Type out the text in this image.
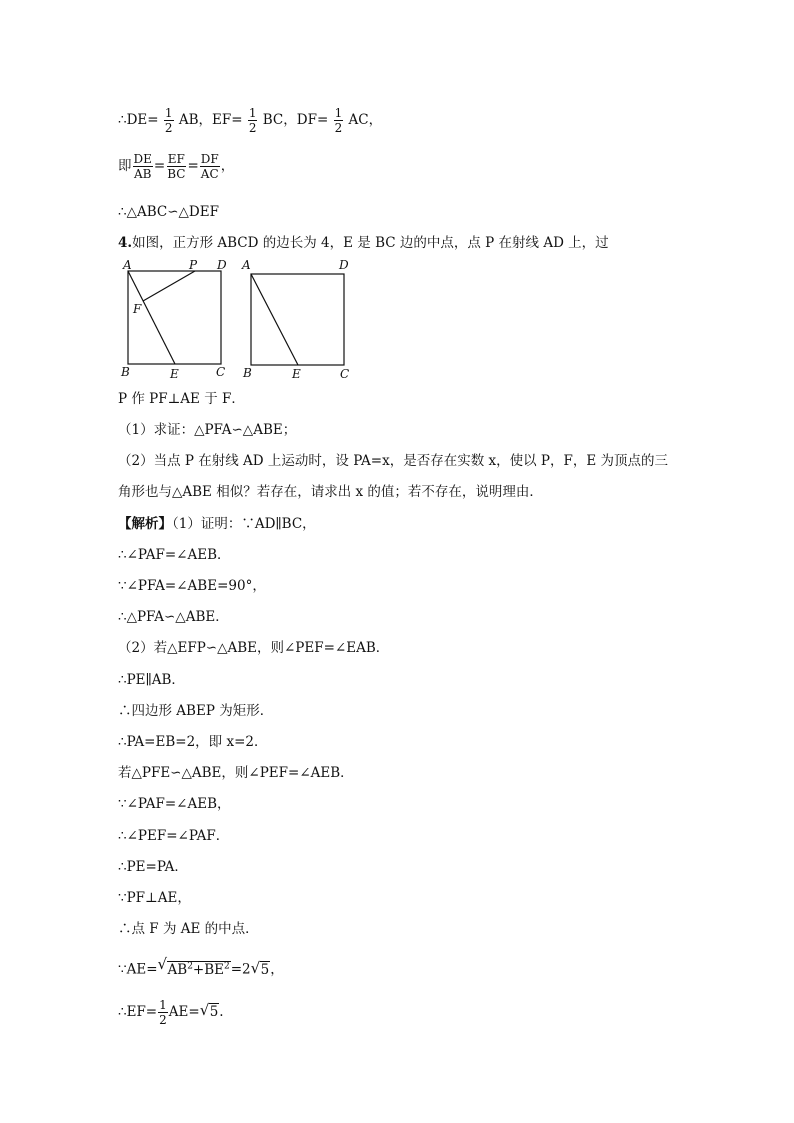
∴DE= $\frac{1}{2}$ AB，$EF= \frac{1}{2}$ BC，$DF= \frac{1}{2}$ AC，
即 $\frac{DE}{AB} = \frac{EF}{BC} = \frac{DF}{AC}$ ，
∴△ABC∽△DEF
4.如图，正方形 ABCD 的边长为 4，E 是 BC 边的中点，点 P 在射线 AD 上，过
A	P D
F
B	E	C
A	D
B	E	C
P 作 PF⊥AE 于 F．
（1）求证：△PFA∽△ABE；
（2）当点 P 在射线 AD 上运动时，设 PA=x，是否存在实数 x，使以 P，F，E 为顶点的三
角形也与△ABE 相似？若存在，请求出 x 的值；若不存在，说明理由．
【解析】（1）证明：∵AD∥BC，
∴∠PAF=∠AEB．
∵∠PFA=∠ABE=90°，
∴△PFA∽△ABE．
（2）若△EFP∽△ABE，则∠PEF=∠EAB．
∴PE∥AB．
∴四边形 ABEP 为矩形．
∴PA=EB=2，即 x=2．
若△PFE∽△ABE，则∠PEF=∠AEB．
∵∠PAF=∠AEB，
∴∠PEF=∠PAF．
∴PE=PA．
∵PF⊥AE，
∴点 F 为 AE 的中点．
∵AE= √ $AB^2+BE^2=2$ √ 5，
∴EF= $\frac{1}{2} AE=$ √ 5.
